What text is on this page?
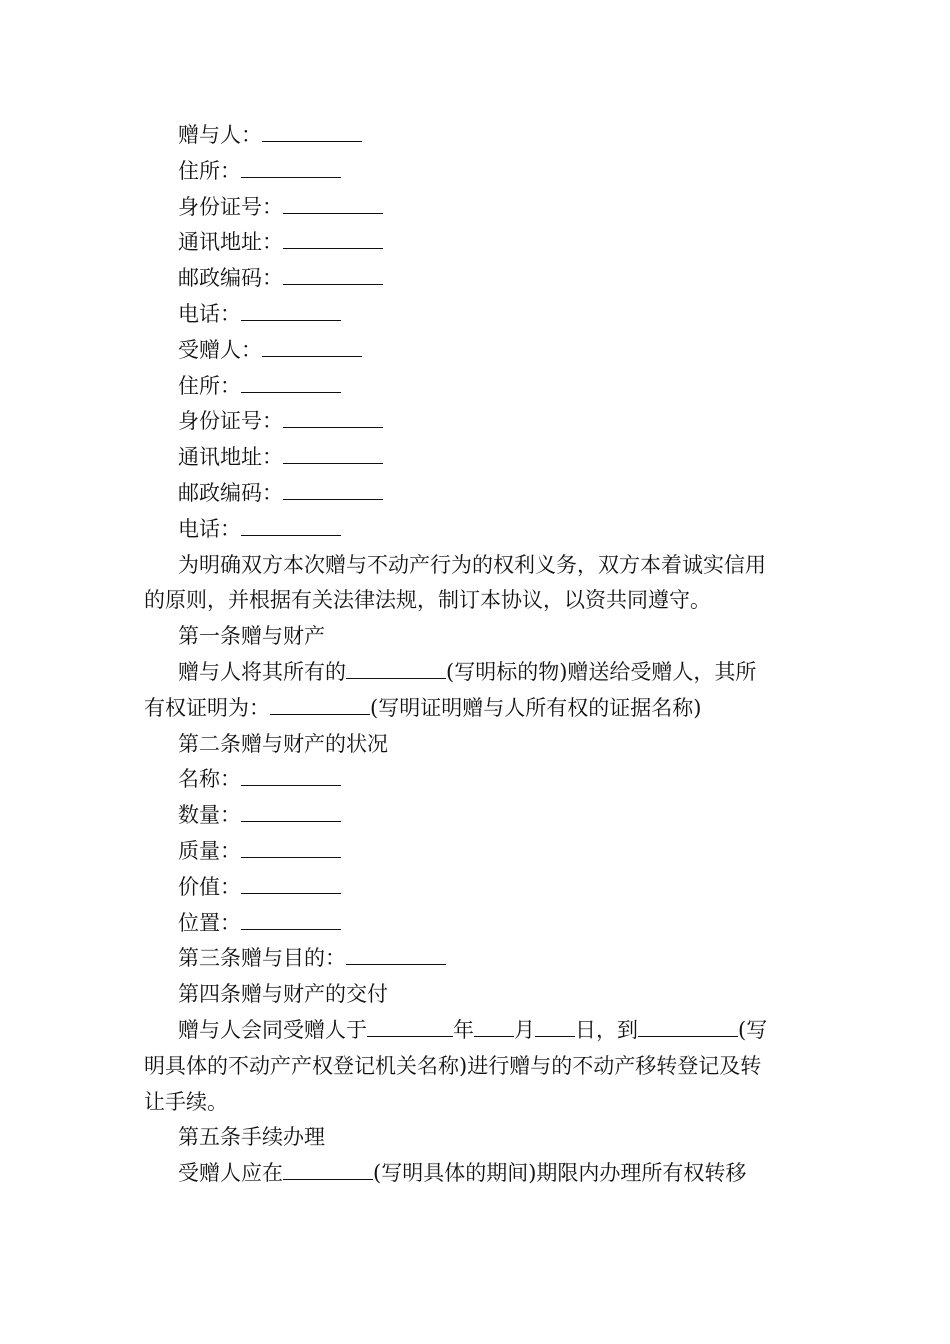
赠与人：
住所：
身份证号：
通讯地址：
邮政编码：
电话：
受赠人：
住所：
身份证号：
通讯地址：
邮政编码：
电话：
为明确双方本次赠与不动产行为的权利义务，双方本着诚实信用
的原则，并根据有关法律法规，制订本协议，以资共同遵守。
第一条赠与财产
赠与人将其所有的	(写明标的物)赠送给受赠人，其所
有权证明为：	(写明证明赠与人所有权的证据名称)
第二条赠与财产的状况
名称：
数量：
质量：
价值：
位置：
第三条赠与目的：
第四条赠与财产的交付
赠与人会同受赠人于	年 月 日，到	(写
明具体的不动产产权登记机关名称)进行赠与的不动产移转登记及转
让手续。
第五条手续办理
受赠人应在	(写明具体的期间)期限内办理所有权转移
